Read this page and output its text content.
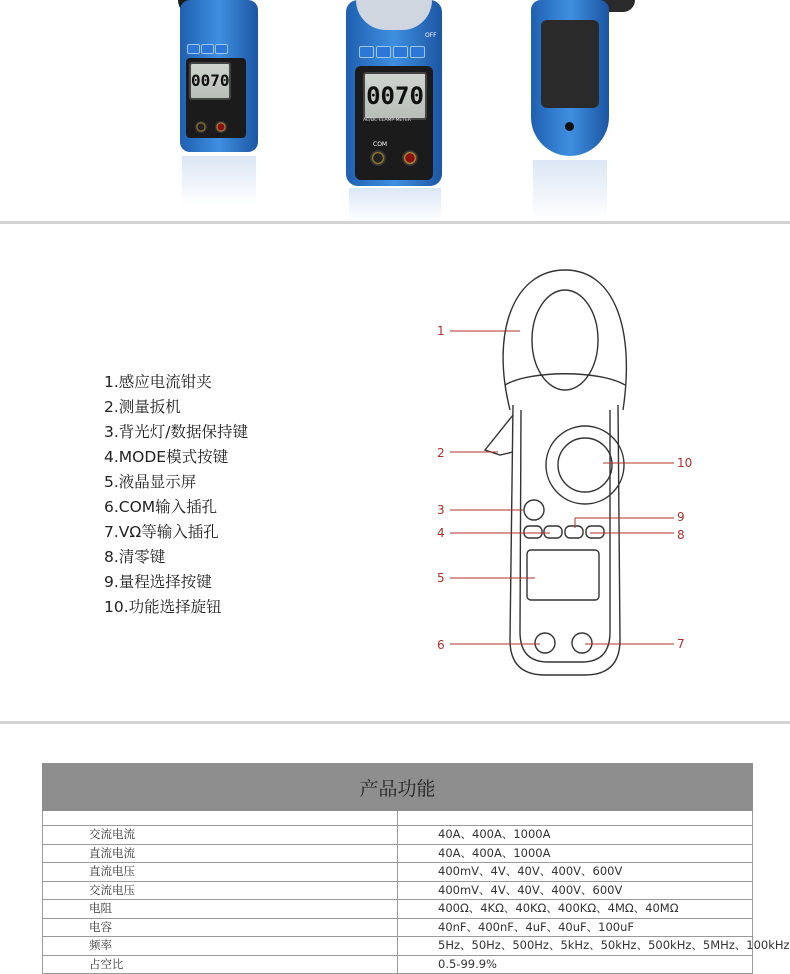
0070
OFF
0070
AC/DC CLAMP METER
COM
1.感应电流钳夹
2.测量扳机
3.背光灯/数据保持键
4.MODE模式按键
5.液晶显示屏
6.COM输入插孔
7.VΩ等输入插孔
8.清零键
9.量程选择按键
10.功能选择旋钮
1
2
3
4
5
6	7
8
9
10
产品功能	

交流电流	40A、400A、1000A
直流电流	40A、400A、1000A
直流电压	400mV、4V、40V、400V、600V
交流电压	400mV、4V、40V、400V、600V
电阻	400Ω、4KΩ、40KΩ、400KΩ、4MΩ、40MΩ
电容	40nF、400nF、4uF、40uF、100uF
频率	5Hz、50Hz、500Hz、5kHz、50kHz、500kHz、5MHz、100kHz
占空比	0.5-99.9%
